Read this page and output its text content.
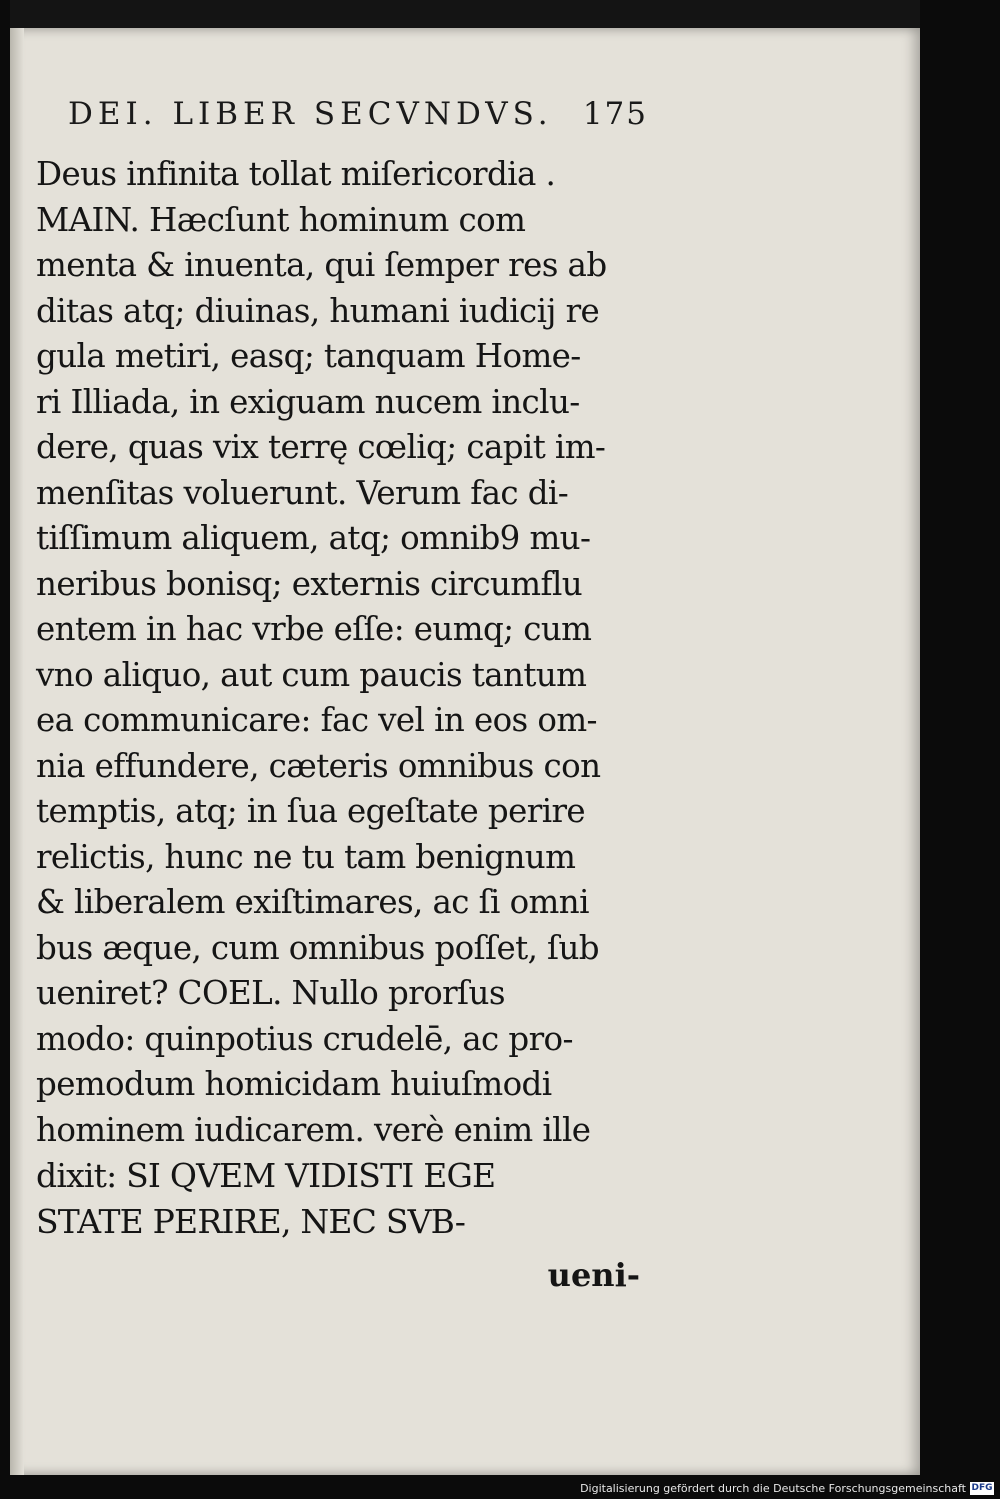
DEI. LIBER SECVNDVS. 175
Deus infinita tollat miſericordia .
MAIN. Hæcſunt hominum com
menta & inuenta, qui ſemper res ab
ditas atq; diuinas, humani iudicij re
gula metiri, easq; tanquam Home-
ri Illiada, in exiguam nucem inclu-
dere, quas vix terrę cœliq; capit im-
menſitas voluerunt. Verum fac di-
tiſſimum aliquem, atq; omnib9 mu-
neribus bonisq; externis circumflu
entem in hac vrbe eſſe: eumq; cum
vno aliquo, aut cum paucis tantum
ea communicare: fac vel in eos om-
nia effundere, cæteris omnibus con
temptis, atq; in ſua egeſtate perire
relictis, hunc ne tu tam benignum
& liberalem exiſtimares, ac ſi omni
bus æque, cum omnibus poſſet, ſub
ueniret? COEL. Nullo prorſus
modo: quinpotius crudelē, ac pro-
pemodum homicidam huiuſmodi
hominem iudicarem. verè enim ille
dixit: SI QVEM VIDISTI EGE
STATE PERIRE, NEC SVB-
ueni-
Digitalisierung gefördert durch die Deutsche Forschungsgemeinschaft DFG
